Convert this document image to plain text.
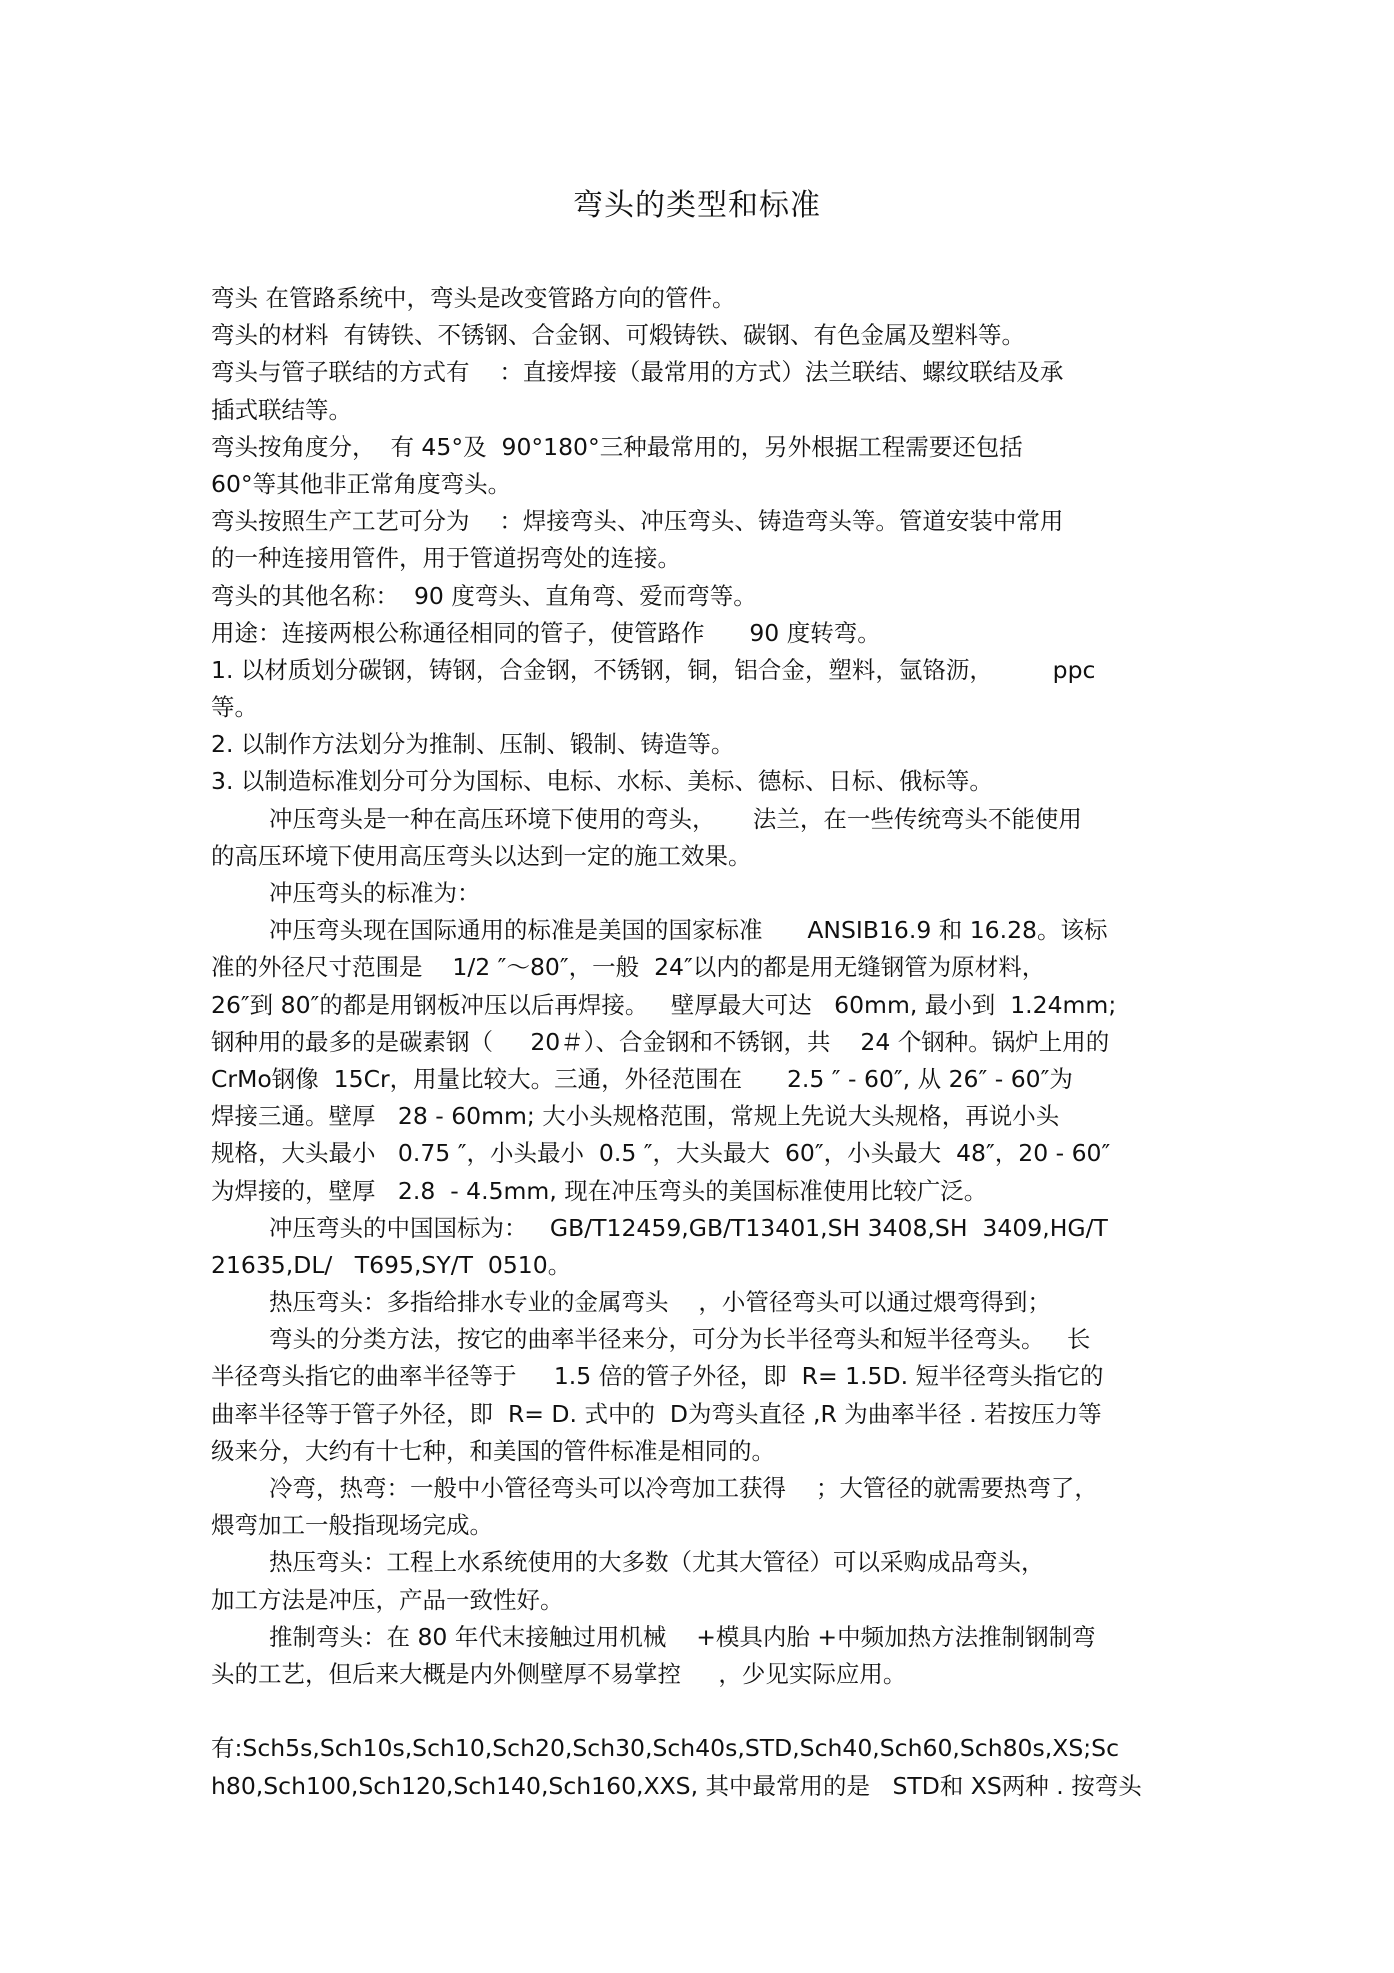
弯头的类型和标准
弯头 在管路系统中，弯头是改变管路方向的管件。
弯头的材料  有铸铁、不锈钢、合金钢、可煅铸铁、碳钢、有色金属及塑料等。
弯头与管子联结的方式有    ：直接焊接（最常用的方式）法兰联结、螺纹联结及承
插式联结等。
弯头按角度分，  有 45°及  90°180°三种最常用的，另外根据工程需要还包括
60°等其他非正常角度弯头。
弯头按照生产工艺可分为    ：焊接弯头、冲压弯头、铸造弯头等。管道安装中常用
的一种连接用管件，用于管道拐弯处的连接。
弯头的其他名称：  90 度弯头、直角弯、爱而弯等。
用途：连接两根公称通径相同的管子，使管路作      90 度转弯。
1. 以材质划分碳钢，铸钢，合金钢，不锈钢，铜，铝合金，塑料，氩铬沥，        ppc
等。
2. 以制作方法划分为推制、压制、锻制、铸造等。
3. 以制造标准划分可分为国标、电标、水标、美标、德标、日标、俄标等。
冲压弯头是一种在高压环境下使用的弯头，     法兰，在一些传统弯头不能使用
的高压环境下使用高压弯头以达到一定的施工效果。
冲压弯头的标准为：
冲压弯头现在国际通用的标准是美国的国家标准      ANSIB16.9 和 16.28。该标
准的外径尺寸范围是    1/2 ″～80″，一般  24″以内的都是用无缝钢管为原材料，
26″到 80″的都是用钢板冲压以后再焊接。   壁厚最大可达   60mm, 最小到  1.24mm;
钢种用的最多的是碳素钢（     20＃）、合金钢和不锈钢，共    24 个钢种。锅炉上用的
CrMo钢像  15Cr，用量比较大。三通，外径范围在      2.5 ″ - 60″, 从 26″ - 60″为
焊接三通。壁厚   28 - 60mm; 大小头规格范围，常规上先说大头规格，再说小头
规格，大头最小   0.75 ″，小头最小  0.5 ″，大头最大  60″，小头最大  48″，20 - 60″
为焊接的，壁厚   2.8  - 4.5mm, 现在冲压弯头的美国标准使用比较广泛。
冲压弯头的中国国标为：   GB/T12459,GB/T13401,SH 3408,SH  3409,HG/T
21635,DL/   T695,SY/T  0510。
热压弯头：多指给排水专业的金属弯头    ，小管径弯头可以通过煨弯得到；
弯头的分类方法，按它的曲率半径来分，可分为长半径弯头和短半径弯头。   长
半径弯头指它的曲率半径等于     1.5 倍的管子外径，即  R= 1.5D. 短半径弯头指它的
曲率半径等于管子外径，即  R= D. 式中的  D为弯头直径 ,R 为曲率半径 . 若按压力等
级来分，大约有十七种，和美国的管件标准是相同的。
冷弯，热弯：一般中小管径弯头可以冷弯加工获得    ；大管径的就需要热弯了，
煨弯加工一般指现场完成。
热压弯头：工程上水系统使用的大多数（尤其大管径）可以采购成品弯头，
加工方法是冲压，产品一致性好。
推制弯头：在 80 年代末接触过用机械    +模具内胎 +中频加热方法推制钢制弯
头的工艺，但后来大概是内外侧壁厚不易掌控     ，少见实际应用。
有:Sch5s,Sch10s,Sch10,Sch20,Sch30,Sch40s,STD,Sch40,Sch60,Sch80s,XS;Sc
h80,Sch100,Sch120,Sch140,Sch160,XXS, 其中最常用的是   STD和 XS两种 . 按弯头
